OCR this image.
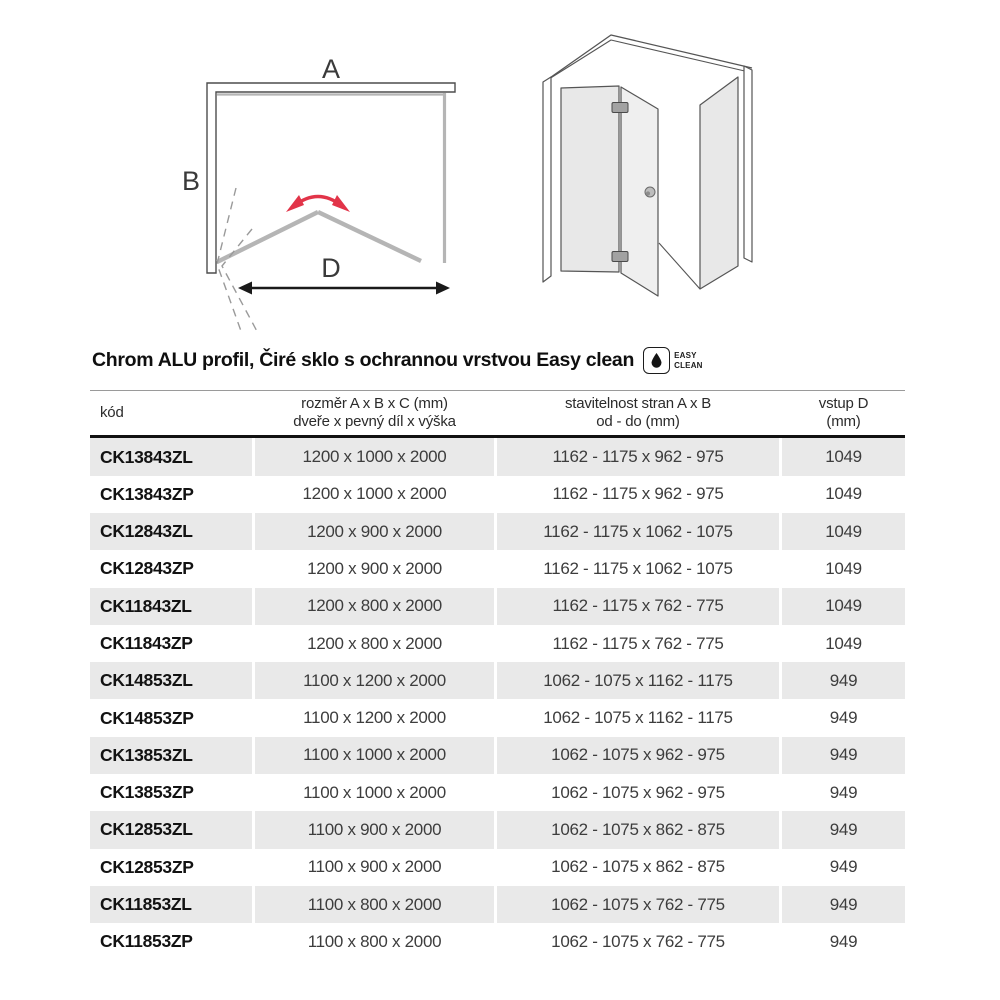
A
B
D
Chrom ALU profil, Čiré sklo s ochrannou vrstvou Easy clean	EASY
CLEAN
kód
rozměr A x B x C (mm)
dveře x pevný díl x výška
stavitelnost stran A x B
od - do (mm)
vstup D
(mm)
CK13843ZL	1200 x 1000 x 2000	1162 - 1175 x 962 - 975	1049
CK13843ZP	1200 x 1000 x 2000	1162 - 1175 x 962 - 975	1049
CK12843ZL	1200 x 900 x 2000	1162 - 1175 x 1062 - 1075	1049
CK12843ZP	1200 x 900 x 2000	1162 - 1175 x 1062 - 1075	1049
CK11843ZL	1200 x 800 x 2000	1162 - 1175 x 762 - 775	1049
CK11843ZP	1200 x 800 x 2000	1162 - 1175 x 762 - 775	1049
CK14853ZL	1100 x 1200 x 2000	1062 - 1075 x 1162 - 1175	949
CK14853ZP	1100 x 1200 x 2000	1062 - 1075 x 1162 - 1175	949
CK13853ZL	1100 x 1000 x 2000	1062 - 1075 x 962 - 975	949
CK13853ZP	1100 x 1000 x 2000	1062 - 1075 x 962 - 975	949
CK12853ZL	1100 x 900 x 2000	1062 - 1075 x 862 - 875	949
CK12853ZP	1100 x 900 x 2000	1062 - 1075 x 862 - 875	949
CK11853ZL	1100 x 800 x 2000	1062 - 1075 x 762 - 775	949
CK11853ZP	1100 x 800 x 2000	1062 - 1075 x 762 - 775	949
